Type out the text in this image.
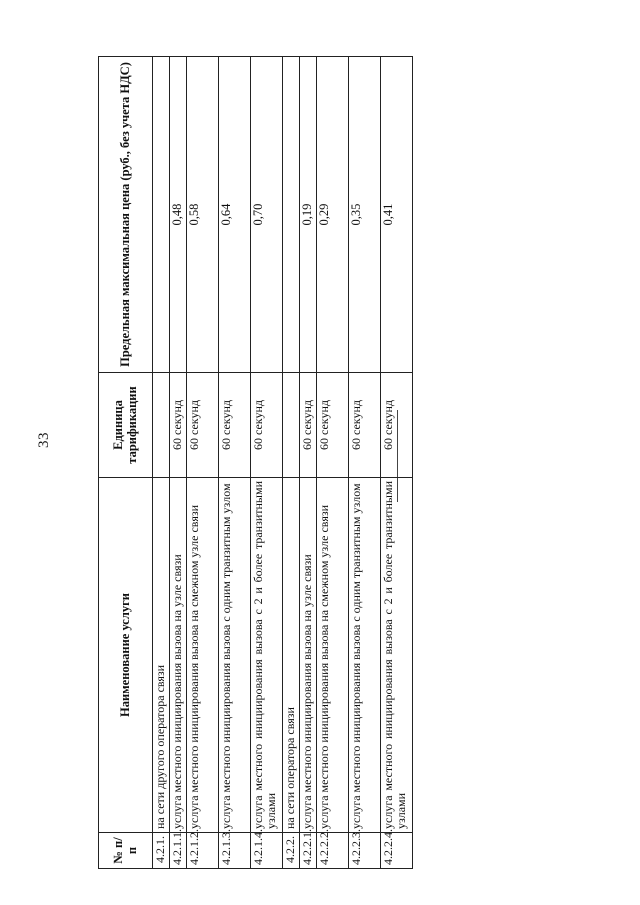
33
№ п/п	Наименование услуги	Единица тарификации	Предельная максимальная цена (руб., без учета НДС)
4.2.1.	на сети другого оператора связи		
4.2.1.1.	услуга местного инициирования вызова на узле связи	60 секунд	0,48
4.2.1.2.	услуга местного инициирования вызова на смежном узле связи	60 секунд	0,58
4.2.1.3.	услуга местного инициирования вызова с одним транзитным узлом	60 секунд	0,64
4.2.1.4.	услуга местного инициирования вызова с 2 и более транзитными узлами	60 секунд	0,70
4.2.2.	на сети оператора связи		
4.2.2.1.	услуга местного инициирования вызова на узле связи	60 секунд	0,19
4.2.2.2.	услуга местного инициирования вызова на смежном узле связи	60 секунд	0,29
4.2.2.3.	услуга местного инициирования вызова с одним транзитным узлом	60 секунд	0,35
4.2.2.4.	услуга местного инициирования вызова с 2 и более транзитными узлами	60 секунд	0,41
